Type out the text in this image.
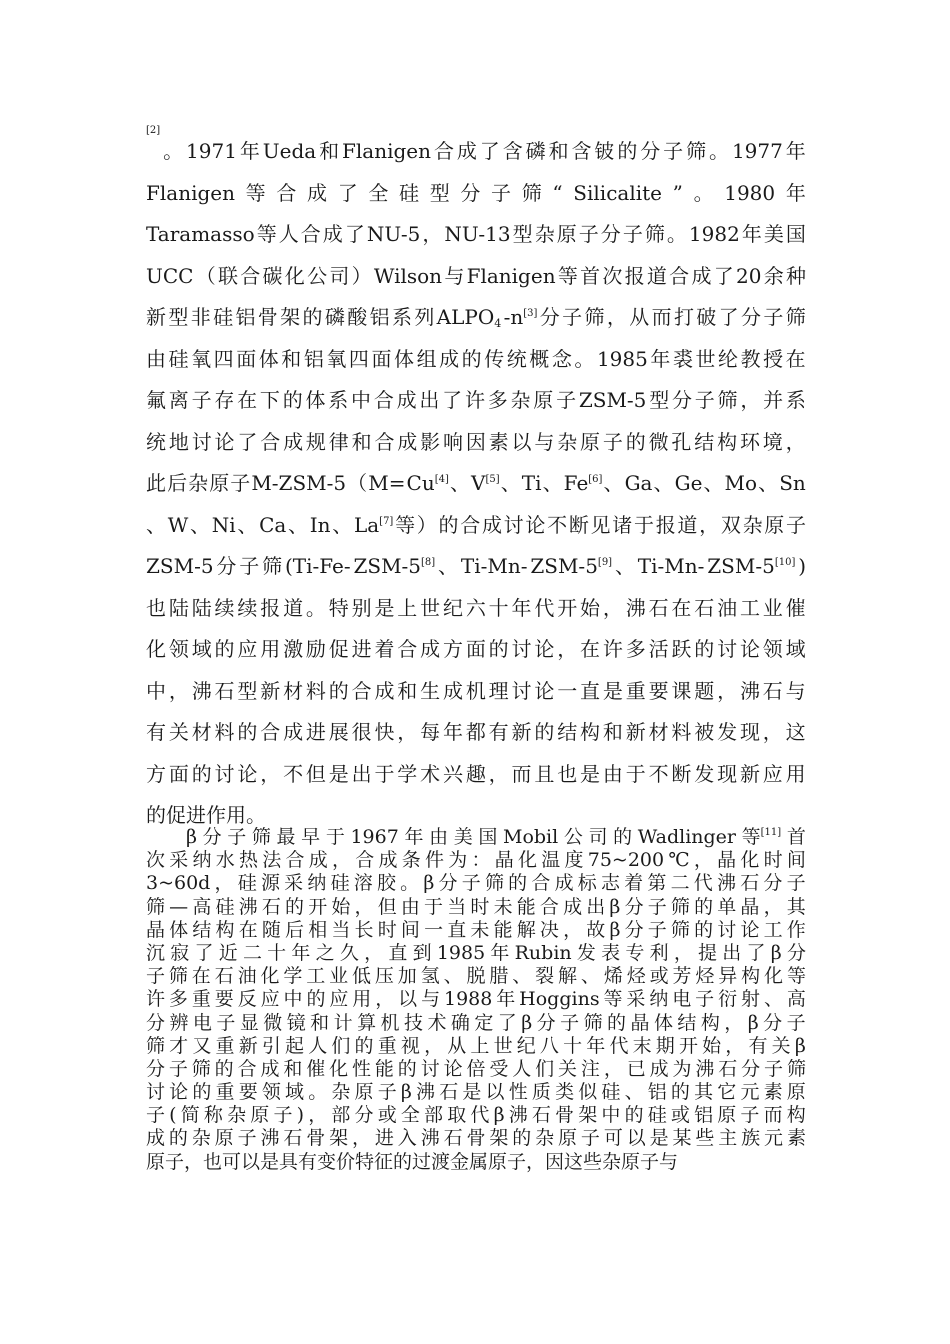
[2]
。 1971 年 Ueda 和 Flanigen 合 成 了 含 磷 和 含 铍 的 分 子 筛 。 1977 年
Flanigen 等 合 成 了 全 硅 型 分 子 筛 “ Silicalite ” 。 1980 年
Taramasso 等 人 合 成 了 NU-5 ， NU-13 型 杂 原 子 分 子 筛 。 1982 年 美 国
UCC （ 联 合 碳 化 公 司 ） Wilson 与 Flanigen 等 首 次 报 道 合 成 了 20 余 种
新 型 非 硅 铝 骨 架 的 磷 酸 铝 系 列 $ALPO_4$ -n[3] 分 子 筛 ， 从 而 打 破 了 分 子 筛
由 硅 氧 四 面 体 和 铝 氧 四 面 体 组 成 的 传 统 概 念 。 1985 年 裘 世 纶 教 授 在
氟 离 子 存 在 下 的 体 系 中 合 成 出 了 许 多 杂 原 子 ZSM-5 型 分 子 筛 ， 并 系
统 地 讨 论 了 合 成 规 律 和 合 成 影 响 因 素 以 与 杂 原 子 的 微 孔 结 构 环 境 ，
此 后 杂 原 子 M-ZSM-5 （ M= Cu[4] 、 V[5] 、 Ti 、 Fe[6] 、 Ga 、 Ge 、 Mo 、 Sn
、 W 、 Ni 、 Ca 、 In 、 La[7] 等 ） 的 合 成 讨 论 不 断 见 诸 于 报 道 ， 双 杂 原 子
ZSM-5 分 子 筛 (Ti-Fe- ZSM-5[8] 、 Ti-Mn- ZSM-5[9] 、 Ti-Mn- ZSM-5[10] )
也 陆 陆 续 续 报 道 。 特 别 是 上 世 纪 六 十 年 代 开 始 ， 沸 石 在 石 油 工 业 催
化 领 域 的 应 用 激 励 促 进 着 合 成 方 面 的 讨 论 ， 在 许 多 活 跃 的 讨 论 领 域
中 ， 沸 石 型 新 材 料 的 合 成 和 生 成 机 理 讨 论 一 直 是 重 要 课 题 ， 沸 石 与
有 关 材 料 的 合 成 进 展 很 快 ， 每 年 都 有 新 的 结 构 和 新 材 料 被 发 现 ， 这
方 面 的 讨 论 ， 不 但 是 出 于 学 术 兴 趣 ， 而 且 也 是 由 于 不 断 发 现 新 应 用
的促进作用。
β 分 子 筛 最 早 于 1967 年 由 美 国 Mobil 公 司 的 Wadlinger 等[11] 首
次 采 纳 水 热 法 合 成 ， 合 成 条 件 为 ： 晶 化 温 度 75~200 ℃ ， 晶 化 时 间
3~60d ， 硅 源 采 纳 硅 溶 胶 。 β 分 子 筛 的 合 成 标 志 着 第 二 代 沸 石 分 子
筛 — 高 硅 沸 石 的 开 始 ， 但 由 于 当 时 未 能 合 成 出 β 分 子 筛 的 单 晶 ， 其
晶 体 结 构 在 随 后 相 当 长 时 间 一 直 未 能 解 决 ， 故 β 分 子 筛 的 讨 论 工 作
沉 寂 了 近 二 十 年 之 久 ， 直 到 1985 年 Rubin 发 表 专 利 ， 提 出 了 β 分
子 筛 在 石 油 化 学 工 业 低 压 加 氢 、 脱 腊 、 裂 解 、 烯 烃 或 芳 烃 异 构 化 等
许 多 重 要 反 应 中 的 应 用 ， 以 与 1988 年 Hoggins 等 采 纳 电 子 衍 射 、 高
分 辨 电 子 显 微 镜 和 计 算 机 技 术 确 定 了 β 分 子 筛 的 晶 体 结 构 ， β 分 子
筛 才 又 重 新 引 起 人 们 的 重 视 ， 从 上 世 纪 八 十 年 代 末 期 开 始 ， 有 关 β
分 子 筛 的 合 成 和 催 化 性 能 的 讨 论 倍 受 人 们 关 注 ， 已 成 为 沸 石 分 子 筛
讨 论 的 重 要 领 域 。 杂 原 子 β 沸 石 是 以 性 质 类 似 硅 、 铝 的 其 它 元 素 原
子 ( 简 称 杂 原 子 ) ， 部 分 或 全 部 取 代 β 沸 石 骨 架 中 的 硅 或 铝 原 子 而 构
成 的 杂 原 子 沸 石 骨 架 ， 进 入 沸 石 骨 架 的 杂 原 子 可 以 是 某 些 主 族 元 素
原子，也可以是具有变价特征的过渡金属原子，因这些杂原子与
